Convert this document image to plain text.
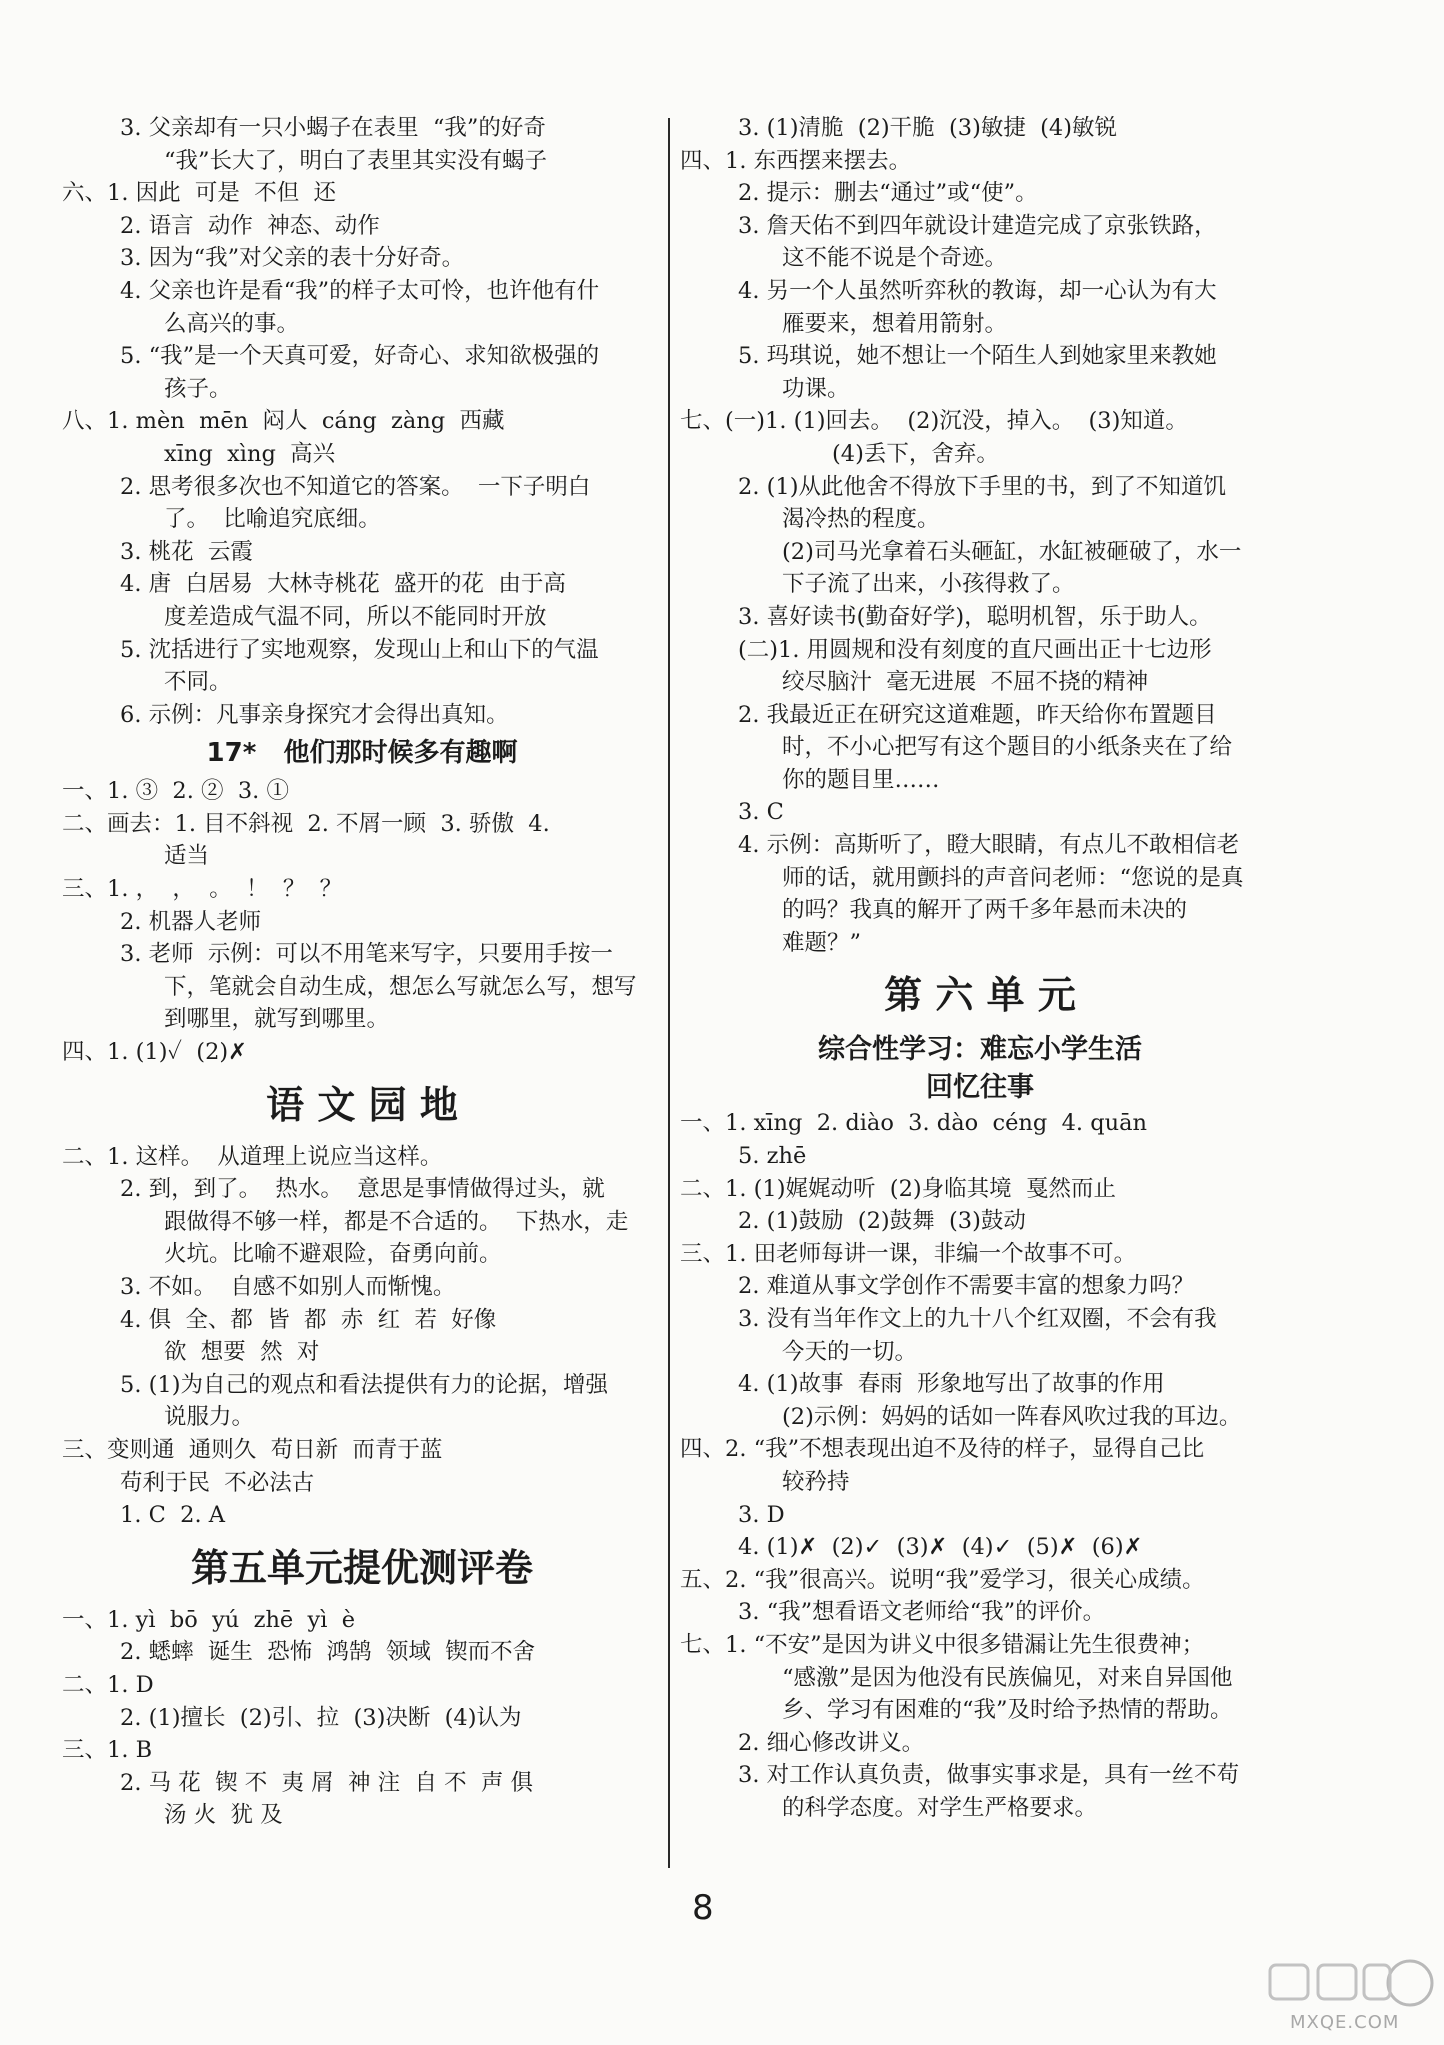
3. 父亲却有一只小蝎子在表里  “我”的好奇
“我”长大了，明白了表里其实没有蝎子
六、1. 因此  可是  不但  还
2. 语言  动作  神态、动作
3. 因为“我”对父亲的表十分好奇。
4. 父亲也许是看“我”的样子太可怜，也许他有什
么高兴的事。
5. “我”是一个天真可爱，好奇心、求知欲极强的
孩子。
八、1. mèn  mēn  闷人  cáng  zàng  西藏
xīng  xìng  高兴
2. 思考很多次也不知道它的答案。  一下子明白
了。  比喻追究底细。
3. 桃花  云霞
4. 唐  白居易  大林寺桃花  盛开的花  由于高
度差造成气温不同，所以不能同时开放
5. 沈括进行了实地观察，发现山上和山下的气温
不同。
6. 示例：凡事亲身探究才会得出真知。
17*   他们那时候多有趣啊
一、1. ③  2. ②  3. ①
二、画去：1. 目不斜视  2. 不屑一顾  3. 骄傲  4.
适当
三、1. ，  ，  。  ！  ？  ？
2. 机器人老师
3. 老师  示例：可以不用笔来写字，只要用手按一
下，笔就会自动生成，想怎么写就怎么写，想写
到哪里，就写到哪里。
四、1. (1)✓  (2)✗
语 文 园 地
二、1. 这样。  从道理上说应当这样。
2. 到，到了。  热水。  意思是事情做得过头，就
跟做得不够一样，都是不合适的。  下热水，走
火坑。比喻不避艰险，奋勇向前。
3. 不如。  自感不如别人而惭愧。
4. 俱  全、都  皆  都  赤  红  若  好像
欲  想要  然  对
5. (1)为自己的观点和看法提供有力的论据，增强
说服力。
三、变则通  通则久  苟日新  而青于蓝
苟利于民  不必法古
1. C  2. A
第五单元提优测评卷
一、1. yì  bō  yú  zhē  yì  è
2. 蟋蟀  诞生  恐怖  鸿鹄  领域  锲而不舍
二、1. D
2. (1)擅长  (2)引、拉  (3)决断  (4)认为
三、1. B
2. 马 花  锲 不  夷 屑  神 注  自 不  声 俱
汤 火  犹 及
3. (1)清脆  (2)干脆  (3)敏捷  (4)敏锐
四、1. 东西摆来摆去。
2. 提示：删去“通过”或“使”。
3. 詹天佑不到四年就设计建造完成了京张铁路，
这不能不说是个奇迹。
4. 另一个人虽然听弈秋的教诲，却一心认为有大
雁要来，想着用箭射。
5. 玛琪说，她不想让一个陌生人到她家里来教她
功课。
七、(一)1. (1)回去。  (2)沉没，掉入。  (3)知道。
(4)丢下，舍弃。
2. (1)从此他舍不得放下手里的书，到了不知道饥
渴冷热的程度。
(2)司马光拿着石头砸缸，水缸被砸破了，水一
下子流了出来，小孩得救了。
3. 喜好读书(勤奋好学)，聪明机智，乐于助人。
(二)1. 用圆规和没有刻度的直尺画出正十七边形
绞尽脑汁  毫无进展  不屈不挠的精神
2. 我最近正在研究这道难题，昨天给你布置题目
时，不小心把写有这个题目的小纸条夹在了给
你的题目里……
3. C
4. 示例：高斯听了，瞪大眼睛，有点儿不敢相信老
师的话，就用颤抖的声音问老师：“您说的是真
的吗？我真的解开了两千多年悬而未决的
难题？”
第 六 单 元
综合性学习：难忘小学生活
回忆往事
一、1. xīng  2. diào  3. dào  céng  4. quān
5. zhē
二、1. (1)娓娓动听  (2)身临其境  戛然而止
2. (1)鼓励  (2)鼓舞  (3)鼓动
三、1. 田老师每讲一课，非编一个故事不可。
2. 难道从事文学创作不需要丰富的想象力吗？
3. 没有当年作文上的九十八个红双圈，不会有我
今天的一切。
4. (1)故事  春雨  形象地写出了故事的作用
(2)示例：妈妈的话如一阵春风吹过我的耳边。
四、2. “我”不想表现出迫不及待的样子，显得自己比
较矜持
3. D
4. (1)✗  (2)✓  (3)✗  (4)✓  (5)✗  (6)✗
五、2. “我”很高兴。说明“我”爱学习，很关心成绩。
3. “我”想看语文老师给“我”的评价。
七、1. “不安”是因为讲义中很多错漏让先生很费神；
“感激”是因为他没有民族偏见，对来自异国他
乡、学习有困难的“我”及时给予热情的帮助。
2. 细心修改讲义。
3. 对工作认真负责，做事实事求是，具有一丝不苟
的科学态度。对学生严格要求。
8
MXQE.COM
